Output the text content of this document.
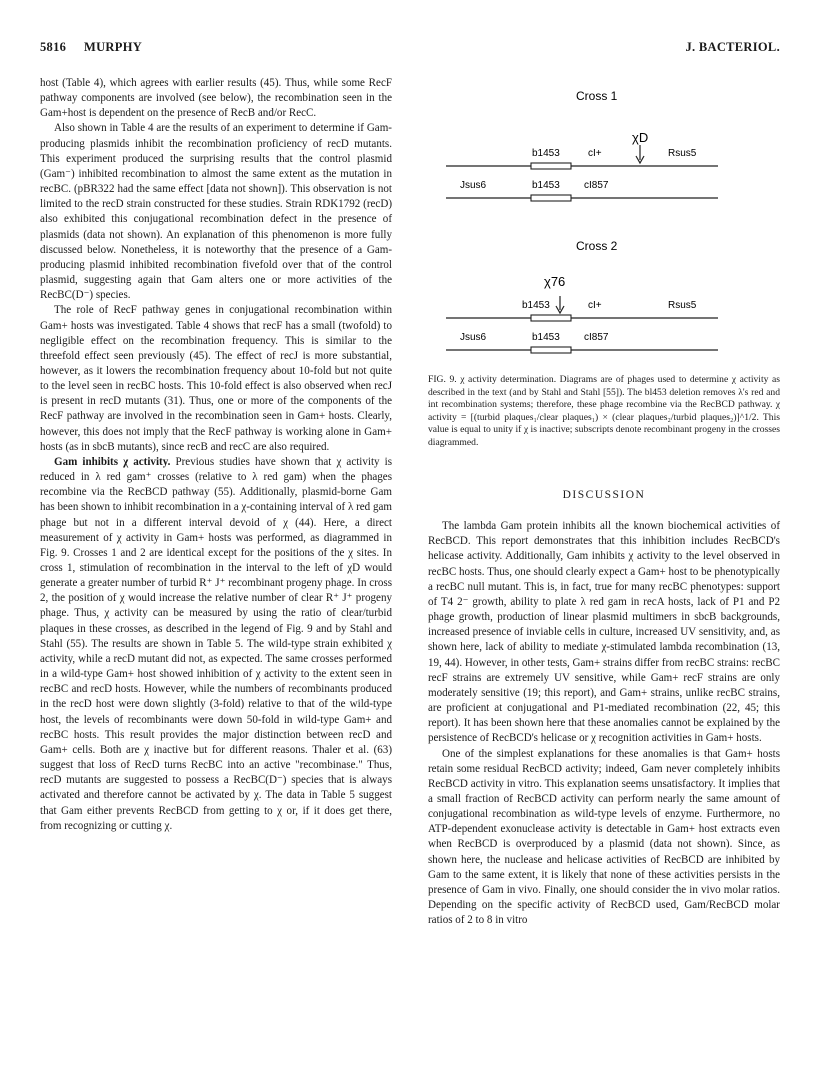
5816 MURPHY	J. BACTERIOL.

host (Table 4), which agrees with earlier results (45). Thus, while some RecF pathway components are involved (see below), the recombination seen in the Gam+host is dependent on the presence of RecB and/or RecC.

Also shown in Table 4 are the results of an experiment to determine if Gam-producing plasmids inhibit the recombination proficiency of recD mutants. This experiment produced the surprising results that the control plasmid (Gam⁻) inhibited recombination to almost the same extent as the mutation in recBC. (pBR322 had the same effect [data not shown]). This observation is not limited to the recD strain constructed for these studies. Strain RDK1792 (recD) also exhibited this conjugational recombination defect in the presence of plasmids (data not shown). An explanation of this phenomenon is more fully discussed below. Nonetheless, it is noteworthy that the presence of a Gam-producing plasmid inhibited recombination fivefold over that of the control plasmid, suggesting again that Gam alters one or more activities of the RecBC(D⁻) species.

The role of RecF pathway genes in conjugational recombination within Gam+ hosts was investigated. Table 4 shows that recF has a small (twofold) to negligible effect on the recombination frequency. This is similar to the threefold effect seen previously (45). The effect of recJ is more substantial, however, as it lowers the recombination frequency about 10-fold but not quite to the level seen in recBC hosts. This 10-fold effect is also observed when recJ is present in recD mutants (31). Thus, one or more of the components of the RecF pathway are involved in the recombination seen in Gam+ hosts. Clearly, however, this does not imply that the RecF pathway is working alone in Gam+ hosts (as in sbcB mutants), since recB and recC are also required.

Gam inhibits χ activity. Previous studies have shown that χ activity is reduced in λ red gam⁺ crosses (relative to λ red gam) when the phages recombine via the RecBCD pathway (55). Additionally, plasmid-borne Gam has been shown to inhibit recombination in a χ-containing interval of λ red gam phage but not in a different interval devoid of χ (44). Here, a direct measurement of χ activity in Gam+ hosts was performed, as diagrammed in Fig. 9. Crosses 1 and 2 are identical except for the positions of the χ sites. In cross 1, stimulation of recombination in the interval to the left of χD would generate a greater number of turbid R⁺ J⁺ recombinant progeny phage. In cross 2, the position of χ would increase the relative number of clear R⁺ J⁺ progeny phage. Thus, χ activity can be measured by using the ratio of clear/turbid plaques in these crosses, as described in the legend of Fig. 9 and by Stahl and Stahl (55). The results are shown in Table 5. The wild-type strain exhibited χ activity, while a recD mutant did not, as expected. The same crosses performed in a wild-type Gam+ host showed inhibition of χ activity to the extent seen in recBC and recD hosts. However, while the numbers of recombinants produced in the recD host were down slightly (3-fold) relative to that of the wild-type host, the levels of recombinants were down 50-fold in wild-type Gam+ and recBC hosts. This result provides the major distinction between recD and Gam+ cells. Both are χ inactive but for different reasons. Thaler et al. (63) suggest that loss of RecD turns RecBC into an active "recombinase." Thus, recD mutants are suggested to possess a RecBC(D⁻) species that is always activated and therefore cannot be activated by χ. The data in Table 5 suggest that Gam either prevents RecBCD from getting to χ or, if it does get there, from recognizing or cutting χ.

Cross 1
χD
b1453	cI+	Rsus5
Jsus6	b1453 cI857
Cross 2
χ76
b1453	cI+	Rsus5
Jsus6	b1453 cI857
FIG. 9. χ activity determination. Diagrams are of phages used to determine χ activity as described in the text (and by Stahl and Stahl [55]). The bl453 deletion removes λ's red and int recombination systems; therefore, these phage recombine via the RecBCD pathway. χ activity = [(turbid plaques₁/clear plaques₁) × (clear plaques₂/turbid plaques₂)]^1/2. This value is equal to unity if χ is inactive; subscripts denote recombinant progeny in the crosses diagrammed.

DISCUSSION

The lambda Gam protein inhibits all the known biochemical activities of RecBCD. This report demonstrates that this inhibition includes RecBCD's helicase activity. Additionally, Gam inhibits χ activity to the level observed in recBC hosts. Thus, one should clearly expect a Gam+ host to be phenotypically a recBC null mutant. This is, in fact, true for many recBC phenotypes: support of T4 2⁻ growth, ability to plate λ red gam in recA hosts, lack of P1 and P2 phage growth, production of linear plasmid multimers in sbcB backgrounds, increased presence of inviable cells in culture, increased UV sensitivity, and, as shown here, lack of ability to mediate χ-stimulated lambda recombination (13, 19, 44). However, in other tests, Gam+ strains differ from recBC strains: recBC recF strains are extremely UV sensitive, while Gam+ recF strains are only moderately sensitive (19; this report), and Gam+ strains, unlike recBC strains, are proficient at conjugational and P1-mediated recombination (22, 45; this report). It has been shown here that these anomalies cannot be explained by the persistence of RecBCD's helicase or χ recognition activities in Gam+ hosts.

One of the simplest explanations for these anomalies is that Gam+ hosts retain some residual RecBCD activity; indeed, Gam never completely inhibits RecBCD activity in vitro. This explanation seems unsatisfactory. It implies that a small fraction of RecBCD activity can perform nearly the same amount of conjugational recombination as wild-type levels of enzyme. Furthermore, no ATP-dependent exonuclease activity is detectable in Gam+ host extracts even when RecBCD is overproduced by a plasmid (data not shown). Since, as shown here, the nuclease and helicase activities of RecBCD are inhibited by Gam to the same extent, it is likely that none of these activities persists in the presence of Gam in vivo. Finally, one should consider the in vivo molar ratios. Depending on the specific activity of RecBCD used, Gam/RecBCD molar ratios of 2 to 8 in vitro
